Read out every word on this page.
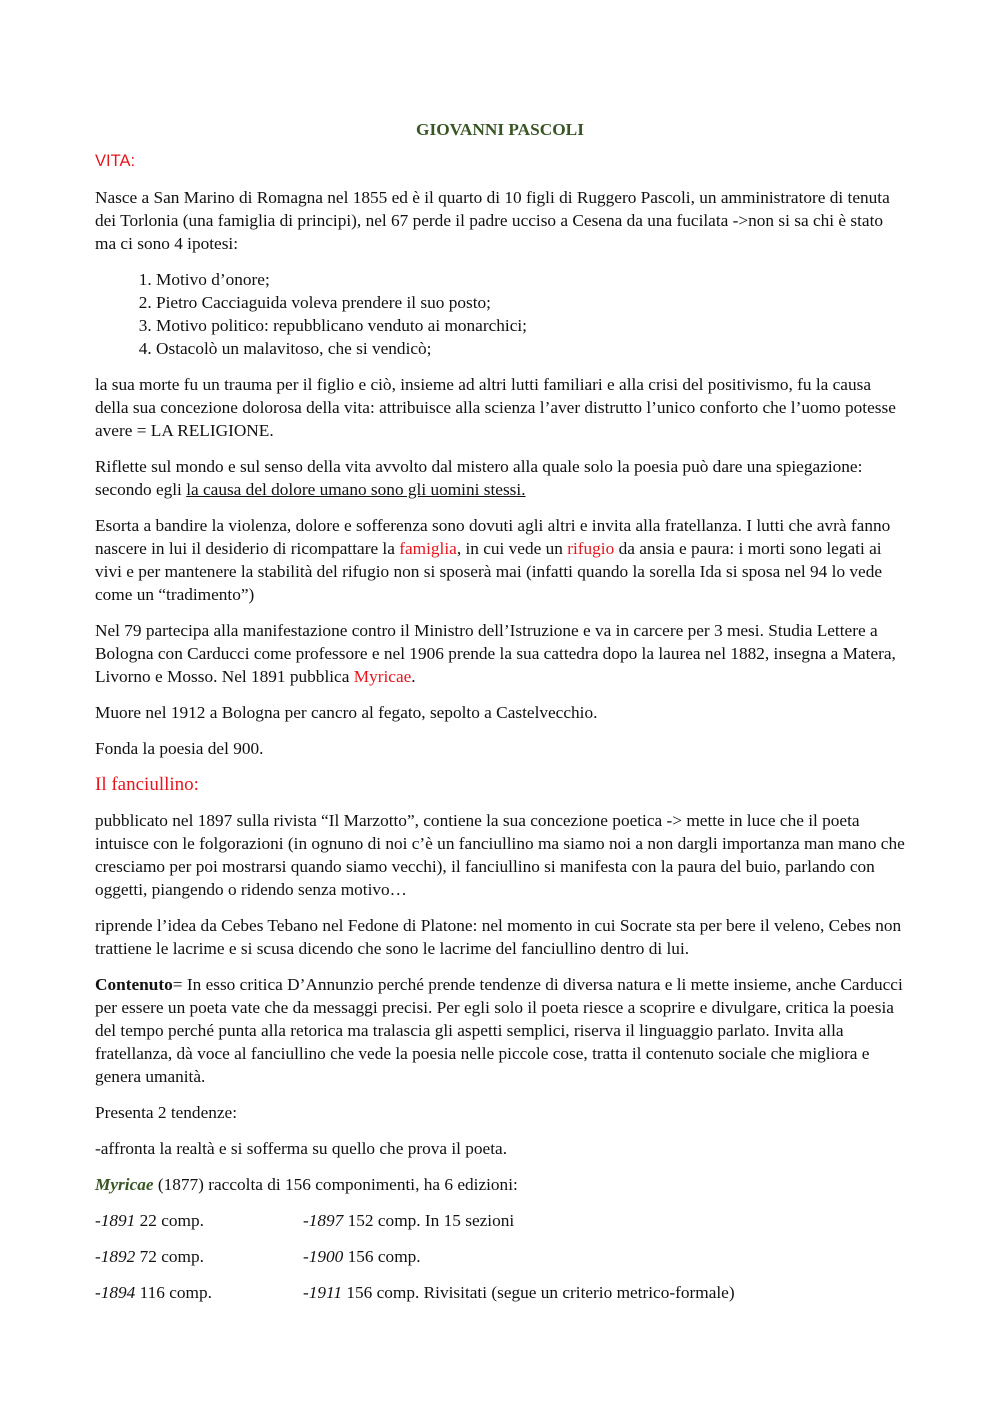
GIOVANNI PASCOLI
VITA:

Nasce a San Marino di Romagna nel 1855 ed è il quarto di 10 figli di Ruggero Pascoli, un amministratore di tenuta dei Torlonia (una famiglia di principi), nel 67 perde il padre ucciso a Cesena da una fucilata ->non si sa chi è stato ma ci sono 4 ipotesi:

1. Motivo d’onore;
2. Pietro Cacciaguida voleva prendere il suo posto;
3. Motivo politico: repubblicano venduto ai monarchici;
4. Ostacolò un malavitoso, che si vendicò;

la sua morte fu un trauma per il figlio e ciò, insieme ad altri lutti familiari e alla crisi del positivismo, fu la causa della sua concezione dolorosa della vita: attribuisce alla scienza l’aver distrutto l’unico conforto che l’uomo potesse avere = LA RELIGIONE.

Riflette sul mondo e sul senso della vita avvolto dal mistero alla quale solo la poesia può dare una spiegazione: secondo egli la causa del dolore umano sono gli uomini stessi.

Esorta a bandire la violenza, dolore e sofferenza sono dovuti agli altri e invita alla fratellanza. I lutti che avrà fanno nascere in lui il desiderio di ricompattare la famiglia, in cui vede un rifugio da ansia e paura: i morti sono legati ai vivi e per mantenere la stabilità del rifugio non si sposerà mai (infatti quando la sorella Ida si sposa nel 94 lo vede come un “tradimento”)

Nel 79 partecipa alla manifestazione contro il Ministro dell’Istruzione e va in carcere per 3 mesi. Studia Lettere a Bologna con Carducci come professore e nel 1906 prende la sua cattedra dopo la laurea nel 1882, insegna a Matera, Livorno e Mosso. Nel 1891 pubblica Myricae.

Muore nel 1912 a Bologna per cancro al fegato, sepolto a Castelvecchio.

Fonda la poesia del 900.

Il fanciullino:

pubblicato nel 1897 sulla rivista “Il Marzotto”, contiene la sua concezione poetica -> mette in luce che il poeta intuisce con le folgorazioni (in ognuno di noi c’è un fanciullino ma siamo noi a non dargli importanza man mano che cresciamo per poi mostrarsi quando siamo vecchi), il fanciullino si manifesta con la paura del buio, parlando con oggetti, piangendo o ridendo senza motivo…

riprende l’idea da Cebes Tebano nel Fedone di Platone: nel momento in cui Socrate sta per bere il veleno, Cebes non trattiene le lacrime e si scusa dicendo che sono le lacrime del fanciullino dentro di lui.

Contenuto= In esso critica D’Annunzio perché prende tendenze di diversa natura e li mette insieme, anche Carducci per essere un poeta vate che da messaggi precisi. Per egli solo il poeta riesce a scoprire e divulgare, critica la poesia del tempo perché punta alla retorica ma tralascia gli aspetti semplici, riserva il linguaggio parlato. Invita alla fratellanza, dà voce al fanciullino che vede la poesia nelle piccole cose, tratta il contenuto sociale che migliora e genera umanità.

Presenta 2 tendenze:

-affronta la realtà e si sofferma su quello che prova il poeta.

Myricae (1877) raccolta di 156 componimenti, ha 6 edizioni:

-1891 22 comp.	-1897 152 comp. In 15 sezioni
-1892 72 comp.	-1900 156 comp.
-1894 116 comp.	-1911 156 comp. Rivisitati (segue un criterio metrico-formale)
